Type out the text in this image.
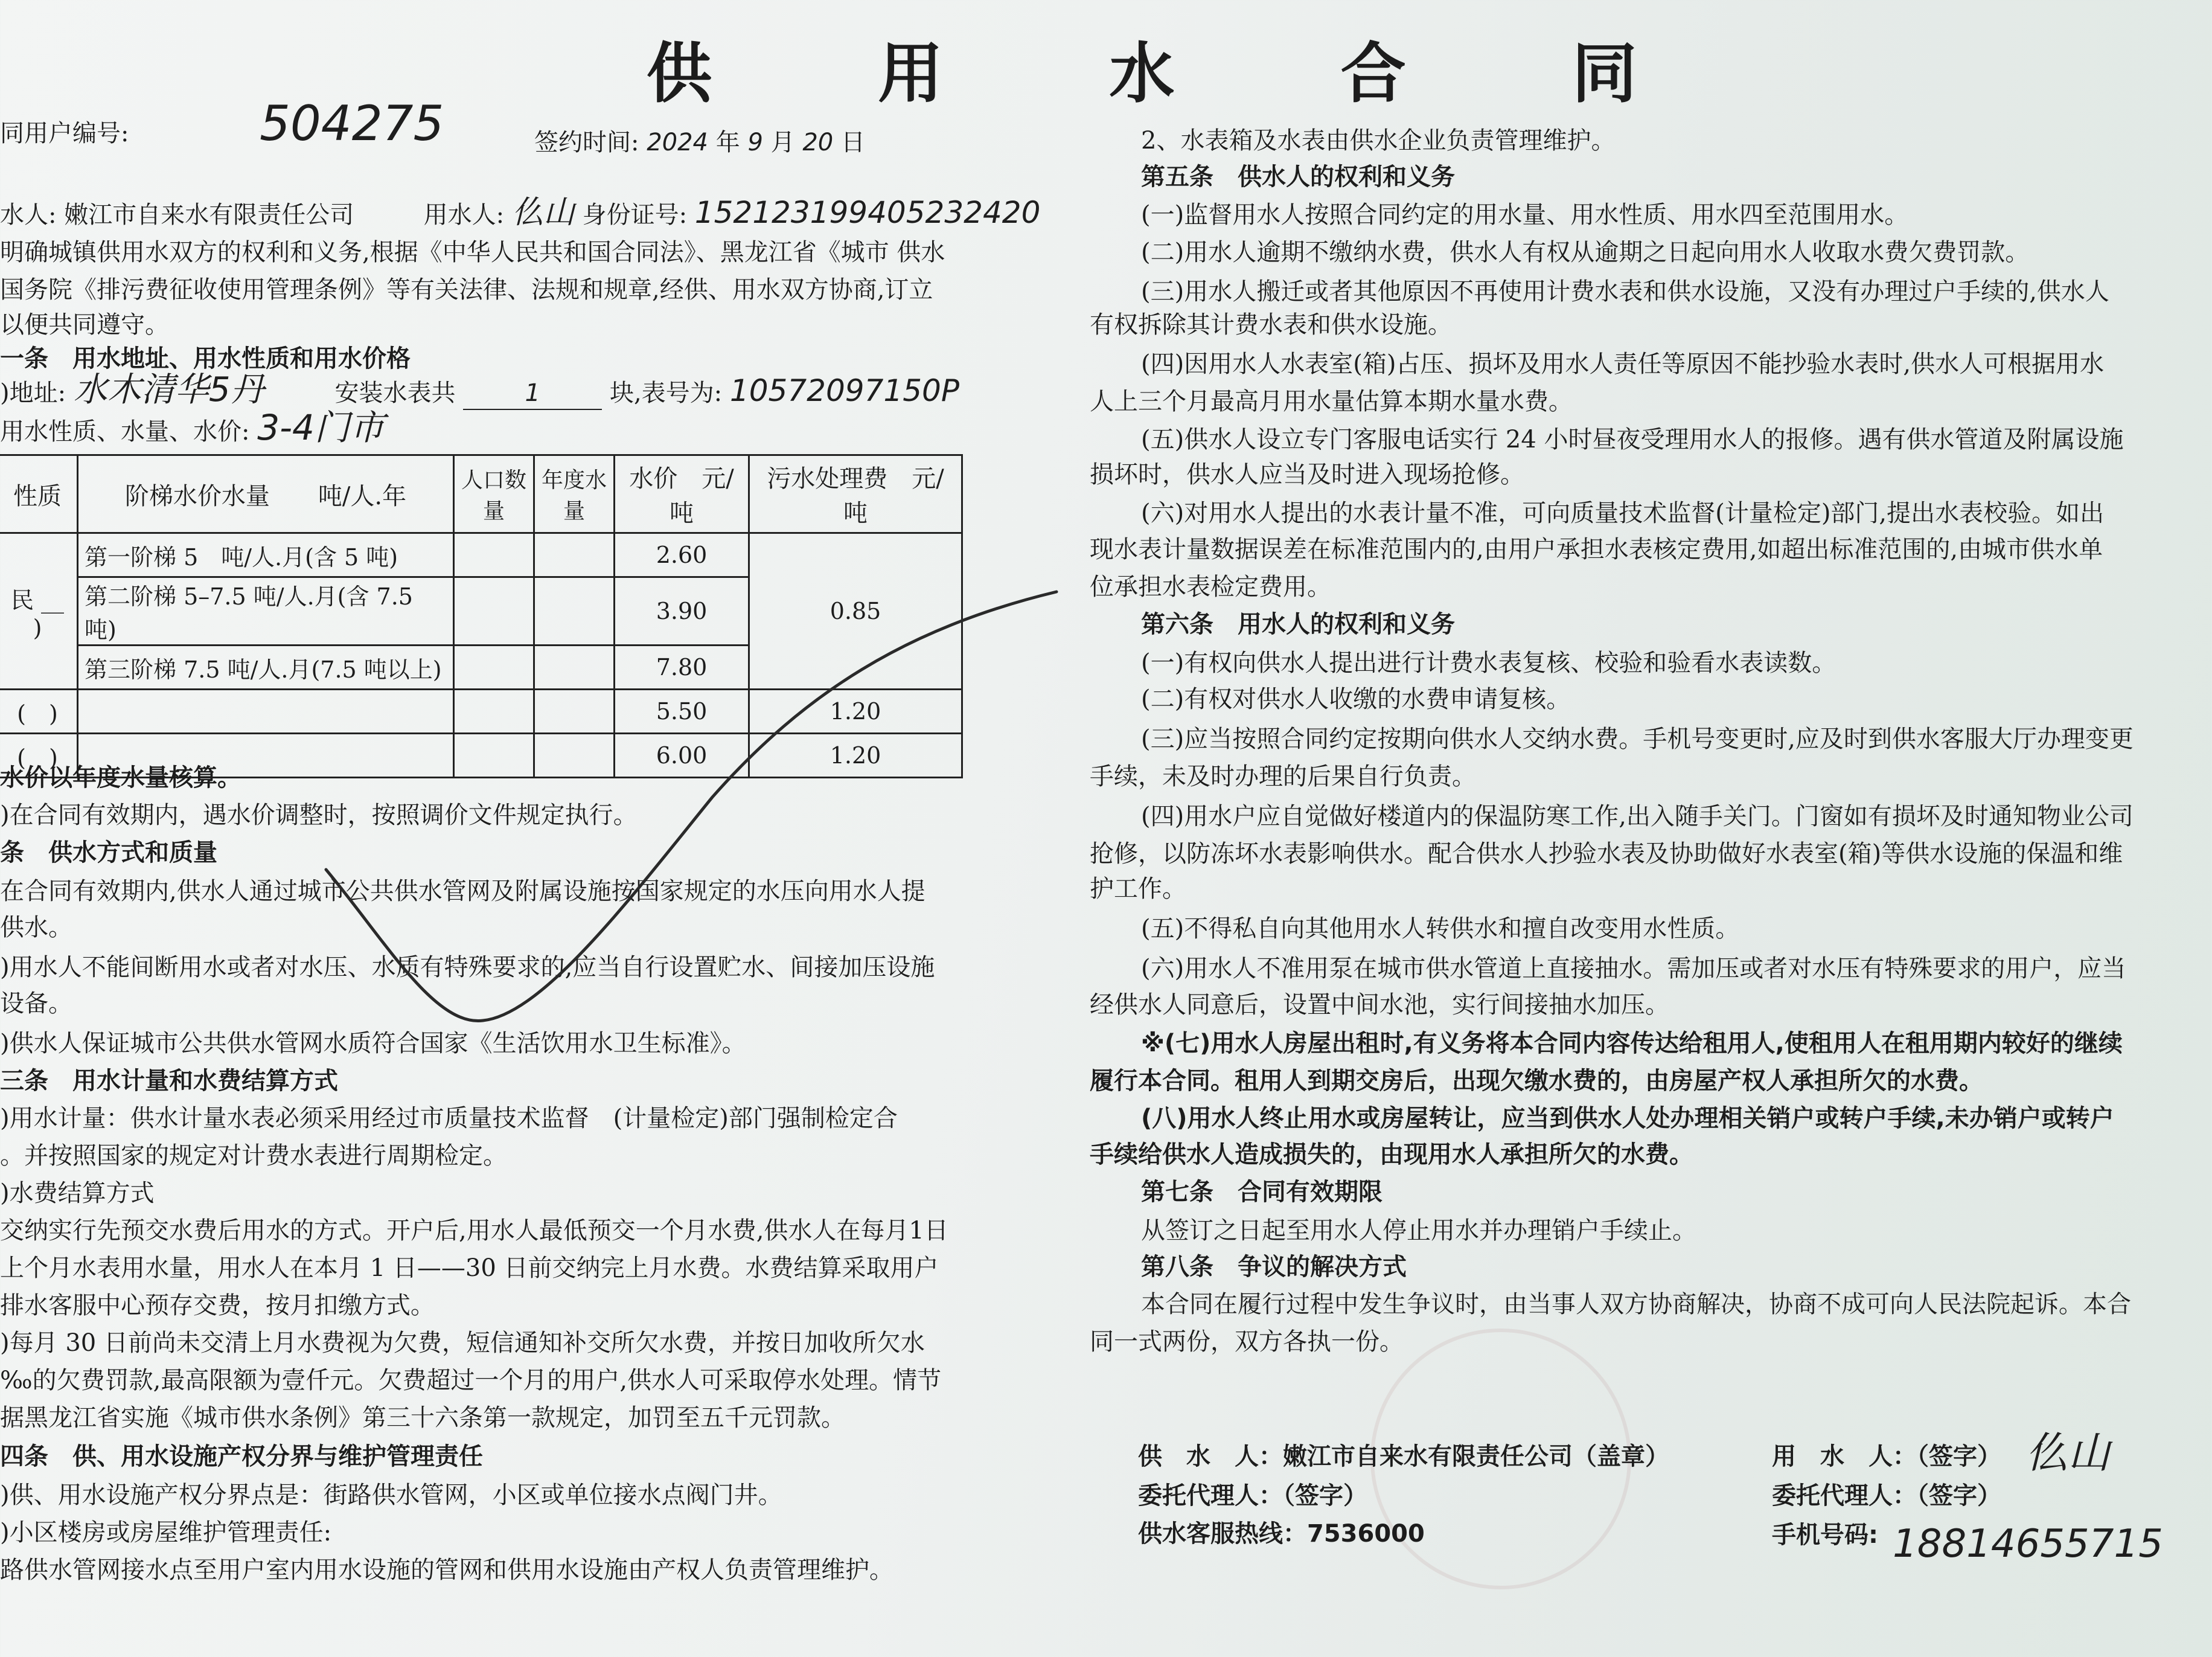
供 用 水 合 同
同用户编号:	504275	签约时间: 2024 年 9 月 20 日
水人: 嫩江市自来水有限责任公司	用水人: 仫山 身份证号: 152123199405232420
明确城镇供用水双方的权利和义务,根据《中华人民共和国合同法》、黑龙江省《城市 供水
国务院《排污费征收使用管理条例》等有关法律、法规和规章,经供、用水双方协商,订立
以便共同遵守。
一条　用水地址、用水性质和用水价格
)地址: 水木清华5丹	安装水表共	1	块,表号为: 10572097150P
用水性质、水量、水价: 3-4门市
性质	阶梯水价水量　　吨/人.年	人口数量	年度水量	水价　元/吨	污水处理费　元/吨
民 __ )	第一阶梯 5　吨/人.月(含 5 吨)			2.60	0.85
	第二阶梯 5–7.5 吨/人.月(含 7.5 吨)			3.90	
	第三阶梯 7.5 吨/人.月(7.5 吨以上)			7.80	
(　)				5.50	1.20
(　)				6.00	1.20
水价以年度水量核算。
)在合同有效期内，遇水价调整时，按照调价文件规定执行。
条　供水方式和质量
在合同有效期内,供水人通过城市公共供水管网及附属设施按国家规定的水压向用水人提
供水。
)用水人不能间断用水或者对水压、水质有特殊要求的,应当自行设置贮水、间接加压设施
设备。
)供水人保证城市公共供水管网水质符合国家《生活饮用水卫生标准》。
三条　用水计量和水费结算方式
)用水计量：供水计量水表必须采用经过市质量技术监督　(计量检定)部门强制检定合
。并按照国家的规定对计费水表进行周期检定。
)水费结算方式
交纳实行先预交水费后用水的方式。开户后,用水人最低预交一个月水费,供水人在每月1日
上个月水表用水量，用水人在本月 1 日——30 日前交纳完上月水费。水费结算采取用户
排水客服中心预存交费，按月扣缴方式。
)每月 30 日前尚未交清上月水费视为欠费，短信通知补交所欠水费，并按日加收所欠水
‰的欠费罚款,最高限额为壹仟元。欠费超过一个月的用户,供水人可采取停水处理。情节
据黑龙江省实施《城市供水条例》第三十六条第一款规定，加罚至五千元罚款。
四条　供、用水设施产权分界与维护管理责任
)供、用水设施产权分界点是：街路供水管网，小区或单位接水点阀门井。
)小区楼房或房屋维护管理责任:
路供水管网接水点至用户室内用水设施的管网和供用水设施由产权人负责管理维护。
2、水表箱及水表由供水企业负责管理维护。
第五条　供水人的权利和义务
(一)监督用水人按照合同约定的用水量、用水性质、用水四至范围用水。
(二)用水人逾期不缴纳水费，供水人有权从逾期之日起向用水人收取水费欠费罚款。
(三)用水人搬迁或者其他原因不再使用计费水表和供水设施，又没有办理过户手续的,供水人
有权拆除其计费水表和供水设施。
(四)因用水人水表室(箱)占压、损坏及用水人责任等原因不能抄验水表时,供水人可根据用水
人上三个月最高月用水量估算本期水量水费。
(五)供水人设立专门客服电话实行 24 小时昼夜受理用水人的报修。遇有供水管道及附属设施
损坏时，供水人应当及时进入现场抢修。
(六)对用水人提出的水表计量不准，可向质量技术监督(计量检定)部门,提出水表校验。如出
现水表计量数据误差在标准范围内的,由用户承担水表核定费用,如超出标准范围的,由城市供水单
位承担水表检定费用。
第六条　用水人的权利和义务
(一)有权向供水人提出进行计费水表复核、校验和验看水表读数。
(二)有权对供水人收缴的水费申请复核。
(三)应当按照合同约定按期向供水人交纳水费。手机号变更时,应及时到供水客服大厅办理变更
手续，未及时办理的后果自行负责。
(四)用水户应自觉做好楼道内的保温防寒工作,出入随手关门。门窗如有损坏及时通知物业公司
抢修，以防冻坏水表影响供水。配合供水人抄验水表及协助做好水表室(箱)等供水设施的保温和维
护工作。
(五)不得私自向其他用水人转供水和擅自改变用水性质。
(六)用水人不准用泵在城市供水管道上直接抽水。需加压或者对水压有特殊要求的用户，应当
经供水人同意后，设置中间水池，实行间接抽水加压。
※(七)用水人房屋出租时,有义务将本合同内容传达给租用人,使租用人在租用期内较好的继续
履行本合同。租用人到期交房后，出现欠缴水费的，由房屋产权人承担所欠的水费。
(八)用水人终止用水或房屋转让，应当到供水人处办理相关销户或转户手续,未办销户或转户
手续给供水人造成损失的，由现用水人承担所欠的水费。
第七条　合同有效期限
从签订之日起至用水人停止用水并办理销户手续止。
第八条　争议的解决方式
本合同在履行过程中发生争议时，由当事人双方协商解决，协商不成可向人民法院起诉。本合
同一式两份，双方各执一份。
供　水　人：嫩江市自来水有限责任公司（盖章）
委托代理人：（签字）
供水客服热线：7536000
用　水　人：（签字） 仫山
委托代理人：（签字）
手机号码: 18814655715
